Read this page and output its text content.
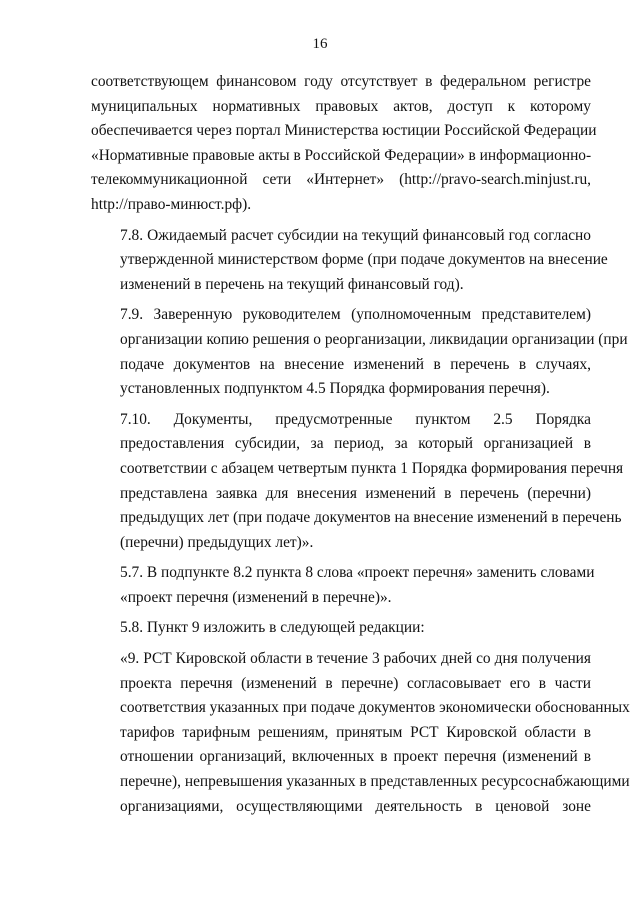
16

соответствующем финансовом году отсутствует в федеральном регистре
муниципальных нормативных правовых актов, доступ к которому
обеспечивается через портал Министерства юстиции Российской Федерации
«Нормативные правовые акты в Российской Федерации» в информационно-
телекоммуникационной сети «Интернет» (http://pravo-search.minjust.ru,
http://право-минюст.рф).

7.8. Ожидаемый расчет субсидии на текущий финансовый год согласно
утвержденной министерством форме (при подаче документов на внесение
изменений в перечень на текущий финансовый год).

7.9. Заверенную руководителем (уполномоченным представителем)
организации копию решения о реорганизации, ликвидации организации (при
подаче документов на внесение изменений в перечень в случаях,
установленных подпунктом 4.5 Порядка формирования перечня).

7.10. Документы, предусмотренные пунктом 2.5 Порядка
предоставления субсидии, за период, за который организацией в
соответствии с абзацем четвертым пункта 1 Порядка формирования перечня
представлена заявка для внесения изменений в перечень (перечни)
предыдущих лет (при подаче документов на внесение изменений в перечень
(перечни) предыдущих лет)».

5.7. В подпункте 8.2 пункта 8 слова «проект перечня» заменить словами
«проект перечня (изменений в перечне)».

5.8. Пункт 9 изложить в следующей редакции:

«9. РСТ Кировской области в течение 3 рабочих дней со дня получения
проекта перечня (изменений в перечне) согласовывает его в части
соответствия указанных при подаче документов экономически обоснованных
тарифов тарифным решениям, принятым РСТ Кировской области в
отношении организаций, включенных в проект перечня (изменений в
перечне), непревышения указанных в представленных ресурсоснабжающими
организациями, осуществляющими деятельность в ценовой зоне
